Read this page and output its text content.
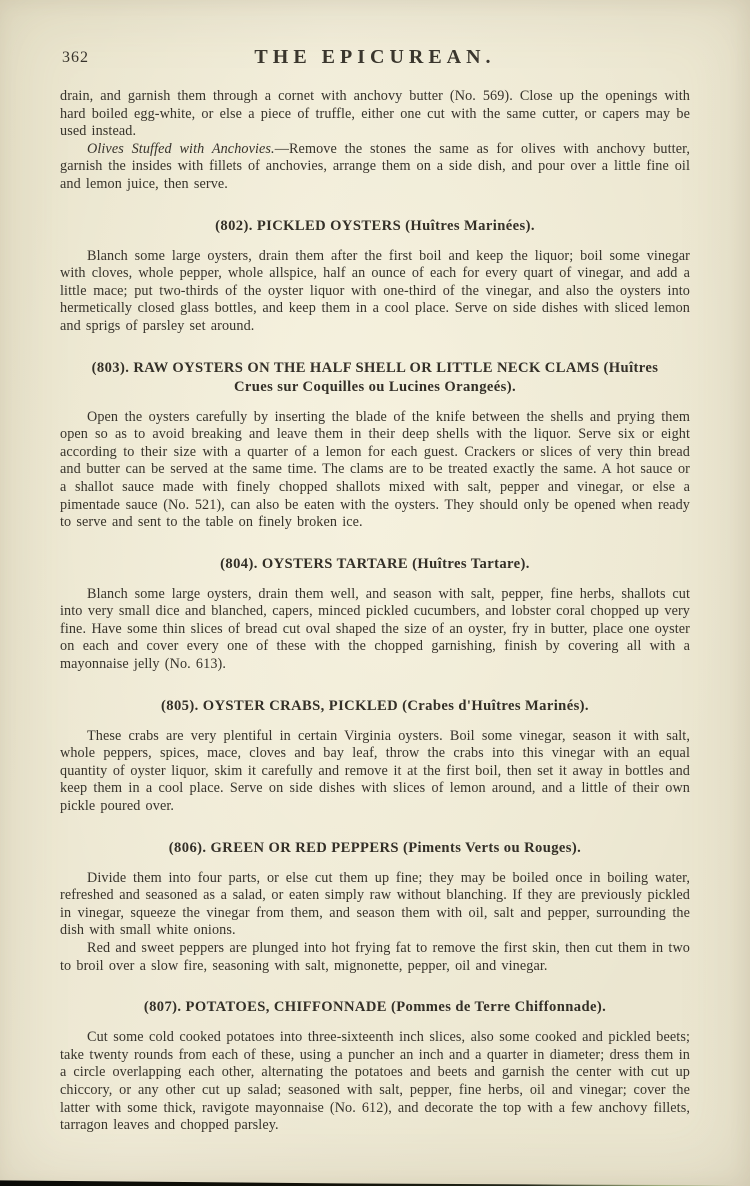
362	THE EPICUREAN.

drain, and garnish them through a cornet with anchovy butter (No. 569). Close up the openings with hard boiled egg-white, or else a piece of truffle, either one cut with the same cutter, or capers may be used instead.

Olives Stuffed with Anchovies.—Remove the stones the same as for olives with anchovy butter, garnish the insides with fillets of anchovies, arrange them on a side dish, and pour over a little fine oil and lemon juice, then serve.

(802). PICKLED OYSTERS (Huîtres Marinées).

Blanch some large oysters, drain them after the first boil and keep the liquor; boil some vinegar with cloves, whole pepper, whole allspice, half an ounce of each for every quart of vinegar, and add a little mace; put two-thirds of the oyster liquor with one-third of the vinegar, and also the oysters into hermetically closed glass bottles, and keep them in a cool place. Serve on side dishes with sliced lemon and sprigs of parsley set around.

(803). RAW OYSTERS ON THE HALF SHELL OR LITTLE NECK CLAMS (Huîtres Crues sur Coquilles ou Lucines Orangeés).

Open the oysters carefully by inserting the blade of the knife between the shells and prying them open so as to avoid breaking and leave them in their deep shells with the liquor. Serve six or eight according to their size with a quarter of a lemon for each guest. Crackers or slices of very thin bread and butter can be served at the same time. The clams are to be treated exactly the same. A hot sauce or a shallot sauce made with finely chopped shallots mixed with salt, pepper and vinegar, or else a pimentade sauce (No. 521), can also be eaten with the oysters. They should only be opened when ready to serve and sent to the table on finely broken ice.

(804). OYSTERS TARTARE (Huîtres Tartare).

Blanch some large oysters, drain them well, and season with salt, pepper, fine herbs, shallots cut into very small dice and blanched, capers, minced pickled cucumbers, and lobster coral chopped up very fine. Have some thin slices of bread cut oval shaped the size of an oyster, fry in butter, place one oyster on each and cover every one of these with the chopped garnishing, finish by covering all with a mayonnaise jelly (No. 613).

(805). OYSTER CRABS, PICKLED (Crabes d'Huîtres Marinés).

These crabs are very plentiful in certain Virginia oysters. Boil some vinegar, season it with salt, whole peppers, spices, mace, cloves and bay leaf, throw the crabs into this vinegar with an equal quantity of oyster liquor, skim it carefully and remove it at the first boil, then set it away in bottles and keep them in a cool place. Serve on side dishes with slices of lemon around, and a little of their own pickle poured over.

(806). GREEN OR RED PEPPERS (Piments Verts ou Rouges).

Divide them into four parts, or else cut them up fine; they may be boiled once in boiling water, refreshed and seasoned as a salad, or eaten simply raw without blanching. If they are previously pickled in vinegar, squeeze the vinegar from them, and season them with oil, salt and pepper, surrounding the dish with small white onions.

Red and sweet peppers are plunged into hot frying fat to remove the first skin, then cut them in two to broil over a slow fire, seasoning with salt, mignonette, pepper, oil and vinegar.

(807). POTATOES, CHIFFONNADE (Pommes de Terre Chiffonnade).

Cut some cold cooked potatoes into three-sixteenth inch slices, also some cooked and pickled beets; take twenty rounds from each of these, using a puncher an inch and a quarter in diameter; dress them in a circle overlapping each other, alternating the potatoes and beets and garnish the center with cut up chiccory, or any other cut up salad; seasoned with salt, pepper, fine herbs, oil and vinegar; cover the latter with some thick, ravigote mayonnaise (No. 612), and decorate the top with a few anchovy fillets, tarragon leaves and chopped parsley.
